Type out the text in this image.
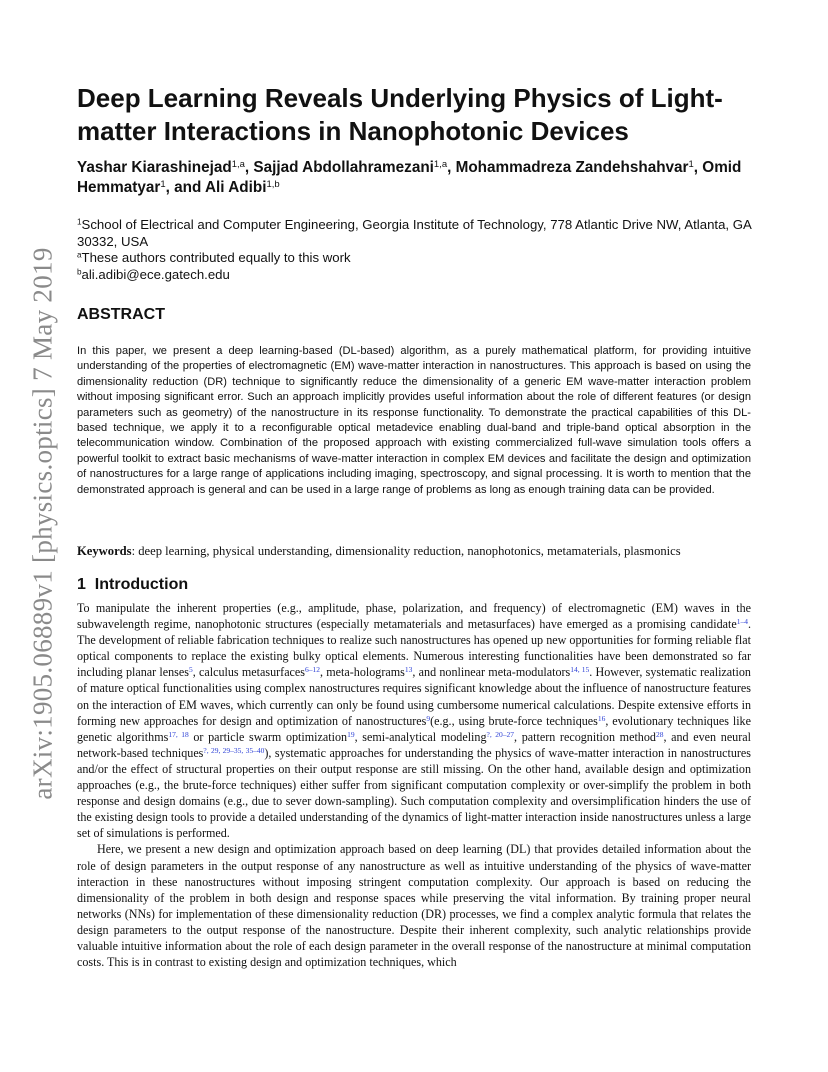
arXiv:1905.06889v1 [physics.optics] 7 May 2019
Deep Learning Reveals Underlying Physics of Light-matter Interactions in Nanophotonic Devices
Yashar Kiarashinejad$^{1,a}$, Sajjad Abdollahramezani$^{1,a}$, Mohammadreza Zandehshahvar$^1$, Omid Hemmatyar$^1$, and Ali Adibi$^{1,b}$
$^1$School of Electrical and Computer Engineering, Georgia Institute of Technology, 778 Atlantic Drive NW, Atlanta, GA 30332, USA
$^a$These authors contributed equally to this work
$^b$ali.adibi@ece.gatech.edu
ABSTRACT
In this paper, we present a deep learning-based (DL-based) algorithm, as a purely mathematical platform, for providing intuitive understanding of the properties of electromagnetic (EM) wave-matter interaction in nanostructures. This approach is based on using the dimensionality reduction (DR) technique to significantly reduce the dimensionality of a generic EM wave-matter interaction problem without imposing significant error. Such an approach implicitly provides useful information about the role of different features (or design parameters such as geometry) of the nanostructure in its response functionality. To demonstrate the practical capabilities of this DL-based technique, we apply it to a reconfigurable optical metadevice enabling dual-band and triple-band optical absorption in the telecommunication window. Combination of the proposed approach with existing commercialized full-wave simulation tools offers a powerful toolkit to extract basic mechanisms of wave-matter interaction in complex EM devices and facilitate the design and optimization of nanostructures for a large range of applications including imaging, spectroscopy, and signal processing. It is worth to mention that the demonstrated approach is general and can be used in a large range of problems as long as enough training data can be provided.
Keywords: deep learning, physical understanding, dimensionality reduction, nanophotonics, metamaterials, plasmonics
1 Introduction

To manipulate the inherent properties (e.g., amplitude, phase, polarization, and frequency) of electromagnetic (EM) waves in the subwavelength regime, nanophotonic structures (especially metamaterials and metasurfaces) have emerged as a promising candidate$^{1-4}$. The development of reliable fabrication techniques to realize such nanostructures has opened up new opportunities for forming reliable flat optical components to replace the existing bulky optical elements. Numerous interesting functionalities have been demonstrated so far including planar lenses$^5$, calculus metasurfaces$^{6-12}$, meta-holograms$^{13}$, and nonlinear meta-modulators$^{14, 15}$. However, systematic realization of mature optical functionalities using complex nanostructures requires significant knowledge about the influence of nanostructure features on the interaction of EM waves, which currently can only be found using cumbersome numerical calculations. Despite extensive efforts in forming new approaches for design and optimization of nanostructures$^9$(e.g., using brute-force techniques$^{16}$, evolutionary techniques like genetic algorithms$^{17, 18}$ or particle swarm optimization$^{19}$, semi-analytical modeling$^{?, 20-27}$, pattern recognition method$^{28}$, and even neural network-based techniques$^{?, 29, 29-35, 35-40}$), systematic approaches for understanding the physics of wave-matter interaction in nanostructures and/or the effect of structural properties on their output response are still missing. On the other hand, available design and optimization approaches (e.g., the brute-force techniques) either suffer from significant computation complexity or over-simplify the problem in both response and design domains (e.g., due to sever down-sampling). Such computation complexity and oversimplification hinders the use of the existing design tools to provide a detailed understanding of the dynamics of light-matter interaction inside nanostructures unless a large set of simulations is performed.

Here, we present a new design and optimization approach based on deep learning (DL) that provides detailed information about the role of design parameters in the output response of any nanostructure as well as intuitive understanding of the physics of wave-matter interaction in these nanostructures without imposing stringent computation complexity. Our approach is based on reducing the dimensionality of the problem in both design and response spaces while preserving the vital information. By training proper neural networks (NNs) for implementation of these dimensionality reduction (DR) processes, we find a complex analytic formula that relates the design parameters to the output response of the nanostructure. Despite their inherent complexity, such analytic relationships provide valuable intuitive information about the role of each design parameter in the overall response of the nanostructure at minimal computation costs. This is in contrast to existing design and optimization techniques, which
